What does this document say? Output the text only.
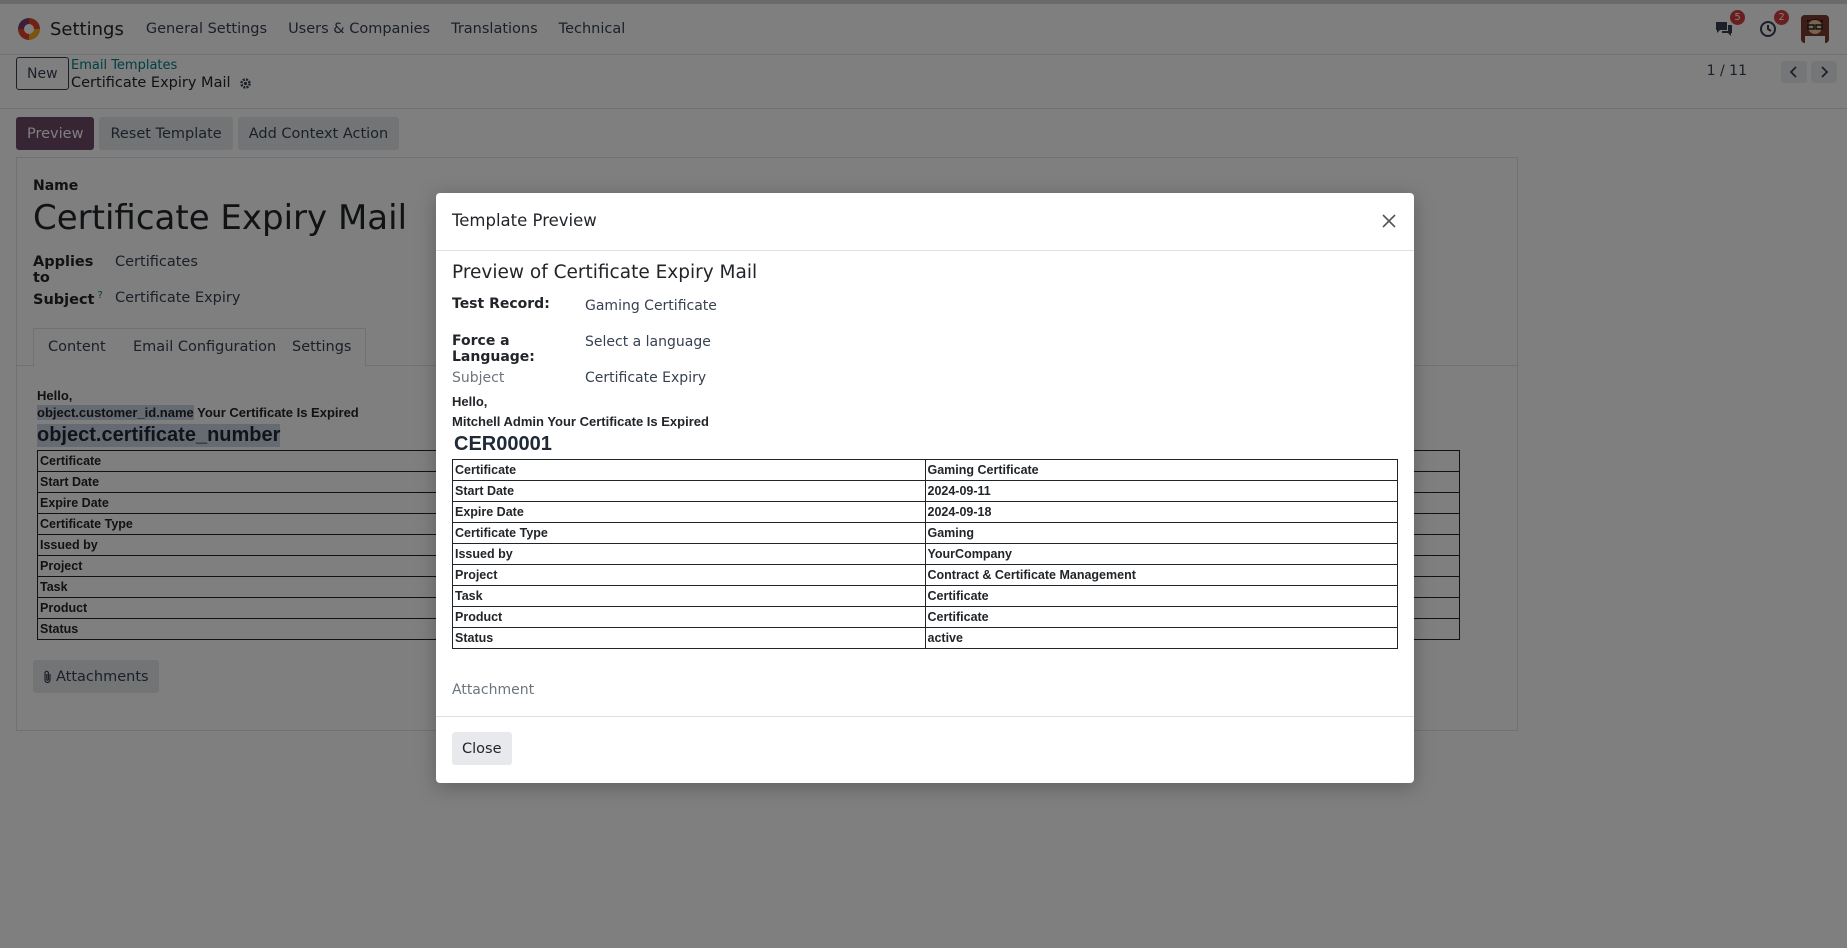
Template Preview
Preview of Certificate Expiry Mail
Test Record:	Gaming Certificate
Force a Language:
Select a language
Subject	Certificate Expiry
Hello,
Mitchell Admin Your Certificate Is Expired
CER00001
Certificate	Gaming Certificate
Start Date	2024-09-11
Expire Date	2024-09-18
Certificate Type	Gaming
Issued by	YourCompany
Project	Contract & Certificate Management
Task	Certificate
Product	Certificate
Status	active
Attachment
Close
